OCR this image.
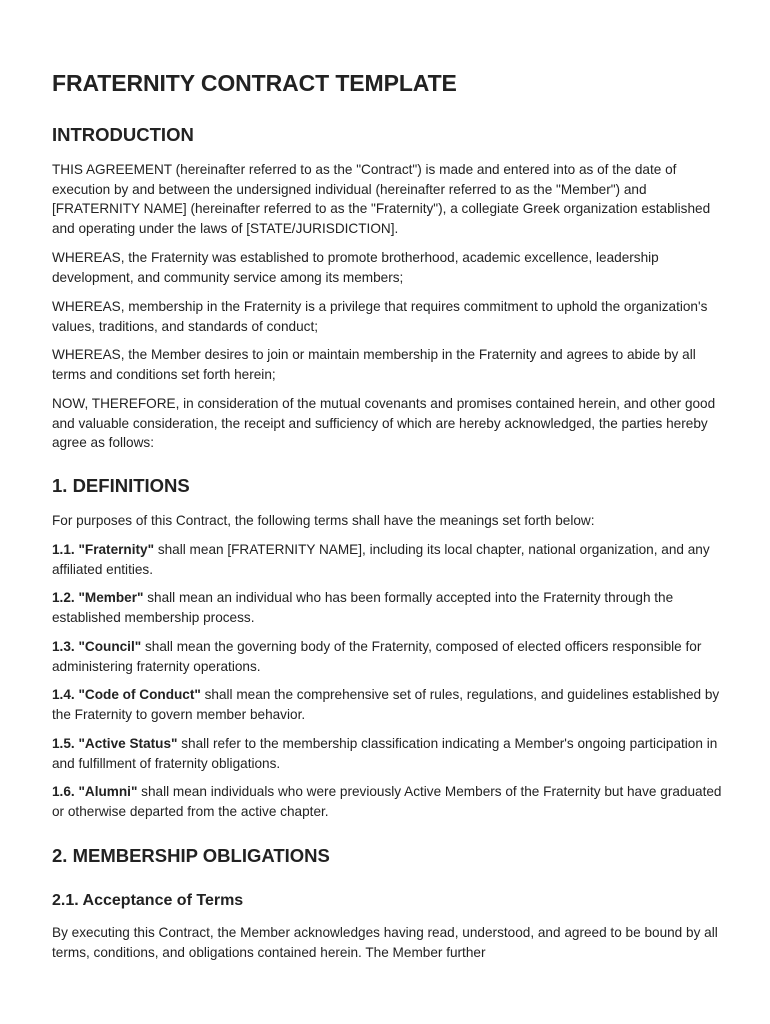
FRATERNITY CONTRACT TEMPLATE
INTRODUCTION

THIS AGREEMENT (hereinafter referred to as the "Contract") is made and entered into as of the date of execution by and between the undersigned individual (hereinafter referred to as the "Member") and [FRATERNITY NAME] (hereinafter referred to as the "Fraternity"), a collegiate Greek organization established and operating under the laws of [STATE/JURISDICTION].

WHEREAS, the Fraternity was established to promote brotherhood, academic excellence, leadership development, and community service among its members;

WHEREAS, membership in the Fraternity is a privilege that requires commitment to uphold the organization's values, traditions, and standards of conduct;

WHEREAS, the Member desires to join or maintain membership in the Fraternity and agrees to abide by all terms and conditions set forth herein;

NOW, THEREFORE, in consideration of the mutual covenants and promises contained herein, and other good and valuable consideration, the receipt and sufficiency of which are hereby acknowledged, the parties hereby agree as follows:

1. DEFINITIONS

For purposes of this Contract, the following terms shall have the meanings set forth below:

1.1. "Fraternity" shall mean [FRATERNITY NAME], including its local chapter, national organization, and any affiliated entities.

1.2. "Member" shall mean an individual who has been formally accepted into the Fraternity through the established membership process.

1.3. "Council" shall mean the governing body of the Fraternity, composed of elected officers responsible for administering fraternity operations.

1.4. "Code of Conduct" shall mean the comprehensive set of rules, regulations, and guidelines established by the Fraternity to govern member behavior.

1.5. "Active Status" shall refer to the membership classification indicating a Member's ongoing participation in and fulfillment of fraternity obligations.

1.6. "Alumni" shall mean individuals who were previously Active Members of the Fraternity but have graduated or otherwise departed from the active chapter.

2. MEMBERSHIP OBLIGATIONS
2.1. Acceptance of Terms

By executing this Contract, the Member acknowledges having read, understood, and agreed to be bound by all terms, conditions, and obligations contained herein. The Member further
